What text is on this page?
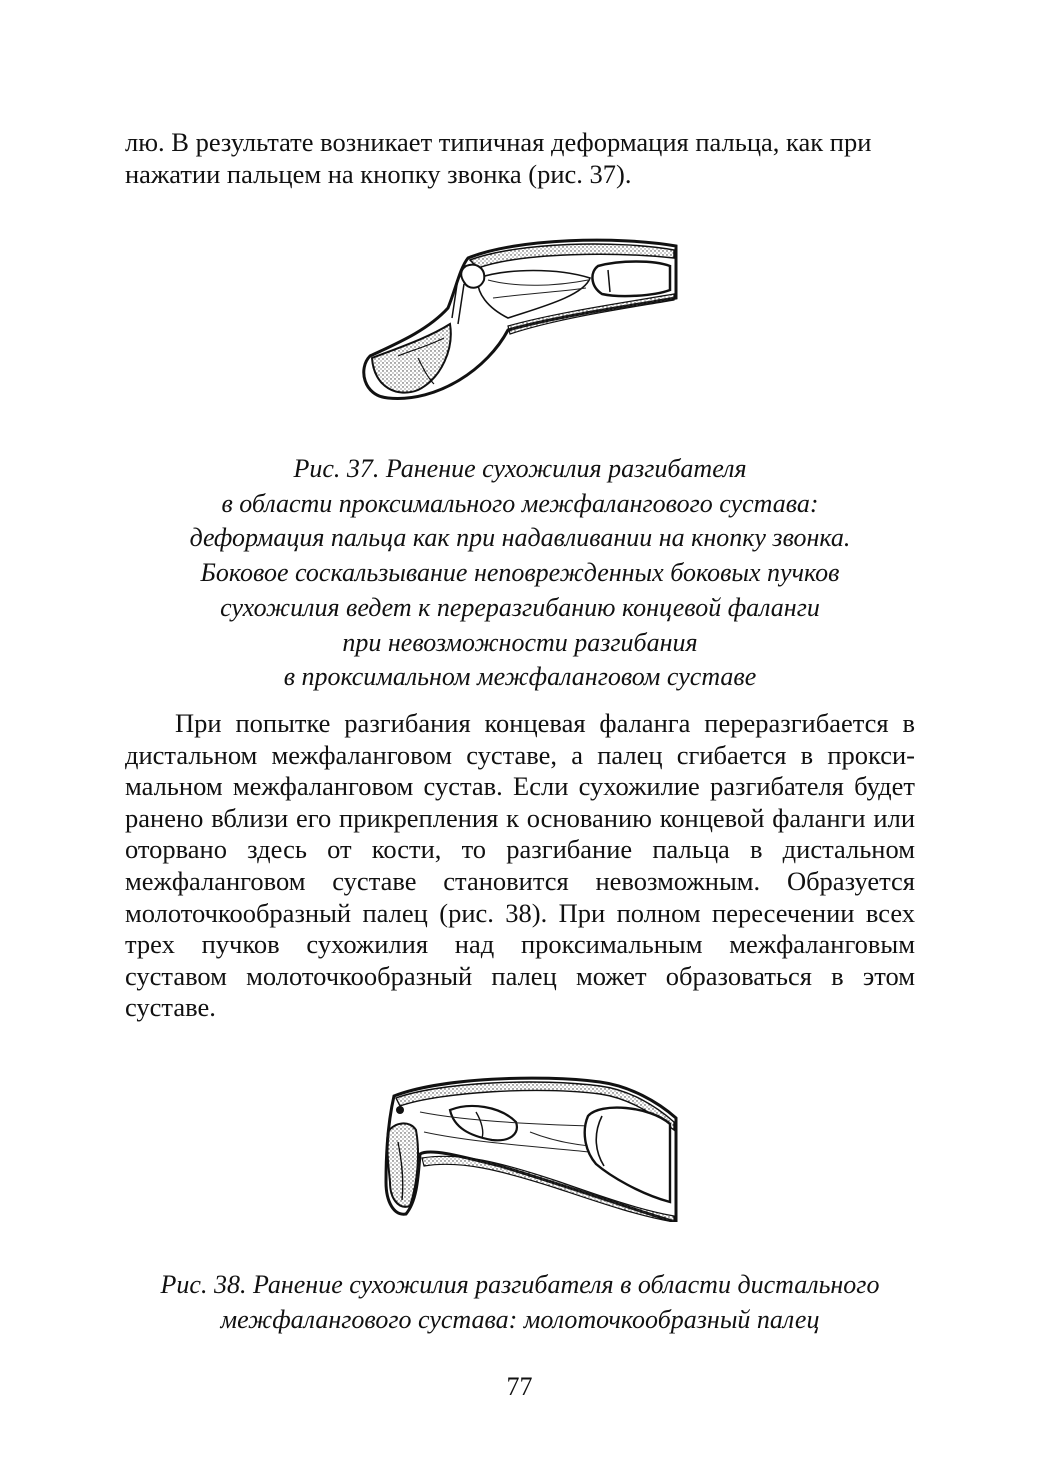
лю. В результате возникает типичная деформация пальца, как при нажатии пальцем на кнопку звонка (рис. 37).

Рис. 37. Ранение сухожилия разгибателя
в области проксимального межфалангового сустава:
деформация пальца как при надавливании на кнопку звонка.
Боковое соскальзывание неповрежденных боковых пучков
сухожилия ведет к переразгибанию концевой фаланги
при невозможности разгибания
в проксимальном межфаланговом суставе

При попытке разгибания концевая фаланга переразгибается в дистальном межфаланговом суставе, а палец сгибается в проксимальном межфаланговом сустав. Если сухожилие разгибателя будет ранено вблизи его прикрепления к основанию концевой фаланги или оторвано здесь от кости, то разгибание пальца в дистальном межфаланговом суставе становится невозможным. Образуется молоточкообразный палец (рис. 38). При полном пересечении всех трех пучков сухожилия над проксимальным межфаланговым суставом молоточкообразный палец может образоваться в этом суставе.

Рис. 38. Ранение сухожилия разгибателя в области дистального
межфалангового сустава: молоточкообразный палец
77
